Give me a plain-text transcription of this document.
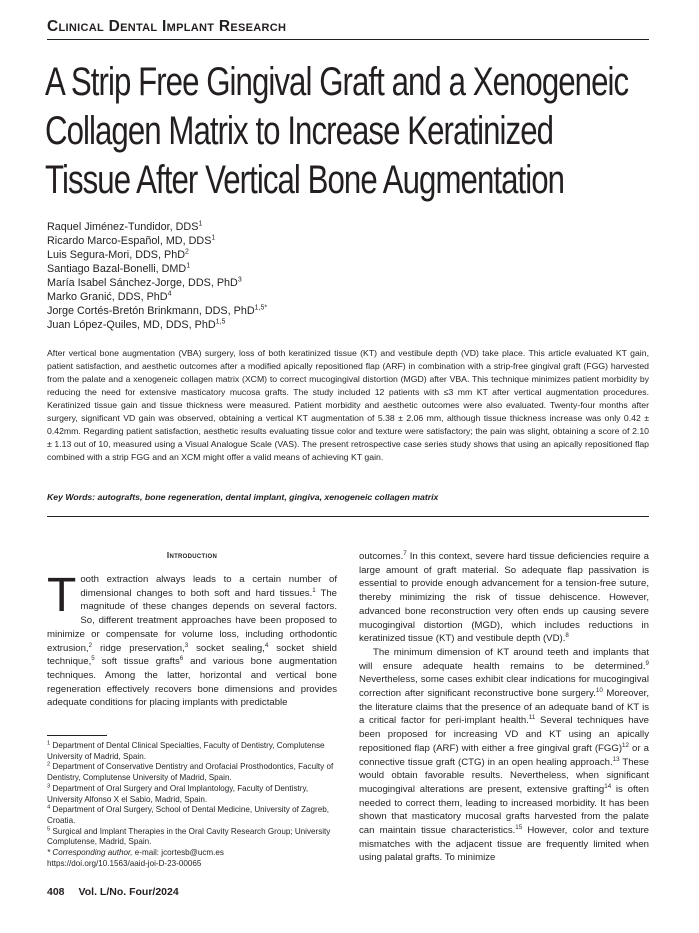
Clinical Dental Implant Research
A Strip Free Gingival Graft and a Xenogeneic Collagen Matrix to Increase Keratinized Tissue After Vertical Bone Augmentation
Raquel Jiménez-Tundidor, DDS$^1$
Ricardo Marco-Español, MD, DDS$^1$
Luis Segura-Mori, DDS, PhD$^2$
Santiago Bazal-Bonelli, DMD$^1$
María Isabel Sánchez-Jorge, DDS, PhD$^3$
Marko Granić, DDS, PhD$^4$
Jorge Cortés-Bretón Brinkmann, DDS, PhD$^{1,5*}$
Juan López-Quiles, MD, DDS, PhD$^{1,5}$
After vertical bone augmentation (VBA) surgery, loss of both keratinized tissue (KT) and vestibule depth (VD) take place. This article evaluated KT gain, patient satisfaction, and aesthetic outcomes after a modified apically repositioned flap (ARF) in combination with a strip-free gingival graft (FGG) harvested from the palate and a xenogeneic collagen matrix (XCM) to correct mucogingival distortion (MGD) after VBA. This technique minimizes patient morbidity by reducing the need for extensive masticatory mucosa grafts. The study included 12 patients with ≤3 mm KT after vertical augmentation procedures. Keratinized tissue gain and tissue thickness were measured. Patient morbidity and aesthetic outcomes were also evaluated. Twenty-four months after surgery, significant VD gain was observed, obtaining a vertical KT augmentation of 5.38 ± 2.06 mm, although tissue thickness increase was only 0.42 ± 0.42mm. Regarding patient satisfaction, aesthetic results evaluating tissue color and texture were satisfactory; the pain was slight, obtaining a score of 2.10 ± 1.13 out of 10, measured using a Visual Analogue Scale (VAS). The present retrospective case series study shows that using an apically repositioned flap combined with a strip FGG and an XCM might offer a valid means of achieving KT gain.
Key Words: autografts, bone regeneration, dental implant, gingiva, xenogeneic collagen matrix
Introduction

Tooth extraction always leads to a certain number of dimensional changes to both soft and hard tissues.$^1$ The magnitude of these changes depends on several factors. So, different treatment approaches have been proposed to minimize or compensate for volume loss, including orthodontic extrusion,$^2$ ridge preservation,$^3$ socket sealing,$^4$ socket shield technique,$^5$ soft tissue grafts$^6$ and various bone augmentation techniques. Among the latter, horizontal and vertical bone regeneration effectively recovers bone dimensions and provides adequate conditions for placing implants with predictable

outcomes.$^7$ In this context, severe hard tissue deficiencies require a large amount of graft material. So adequate flap passivation is essential to provide enough advancement for a tension-free suture, thereby minimizing the risk of tissue dehiscence. However, advanced bone reconstruction very often ends up causing severe mucogingival distortion (MGD), which includes reductions in keratinized tissue (KT) and vestibule depth (VD).$^8$

The minimum dimension of KT around teeth and implants that will ensure adequate health remains to be determined.$^9$ Nevertheless, some cases exhibit clear indications for mucogingival correction after significant reconstructive bone surgery.$^{10}$ Moreover, the literature claims that the presence of an adequate band of KT is a critical factor for peri-implant health.$^{11}$ Several techniques have been proposed for increasing VD and KT using an apically repositioned flap (ARF) with either a free gingival graft (FGG)$^{12}$ or a connective tissue graft (CTG) in an open healing approach.$^{13}$ These would obtain favorable results. Nevertheless, when significant mucogingival alterations are present, extensive grafting$^{14}$ is often needed to correct them, leading to increased morbidity. It has been shown that masticatory mucosal grafts harvested from the palate can maintain tissue characteristics.$^{15}$ However, color and texture mismatches with the adjacent tissue are frequently limited when using palatal grafts. To minimize

$^1$ Department of Dental Clinical Specialties, Faculty of Dentistry, Complutense University of Madrid, Spain.
$^2$ Department of Conservative Dentistry and Orofacial Prosthodontics, Faculty of Dentistry, Complutense University of Madrid, Spain.
$^3$ Department of Oral Surgery and Oral Implantology, Faculty of Dentistry, University Alfonso X el Sabio, Madrid, Spain.
$^4$ Department of Oral Surgery, School of Dental Medicine, University of Zagreb, Croatia.
$^5$ Surgical and Implant Therapies in the Oral Cavity Research Group; University Complutense, Madrid, Spain.
* Corresponding author, e-mail: jcortesb@ucm.es
https://doi.org/10.1563/aaid-joi-D-23-00065
408 Vol. L/No. Four/2024
